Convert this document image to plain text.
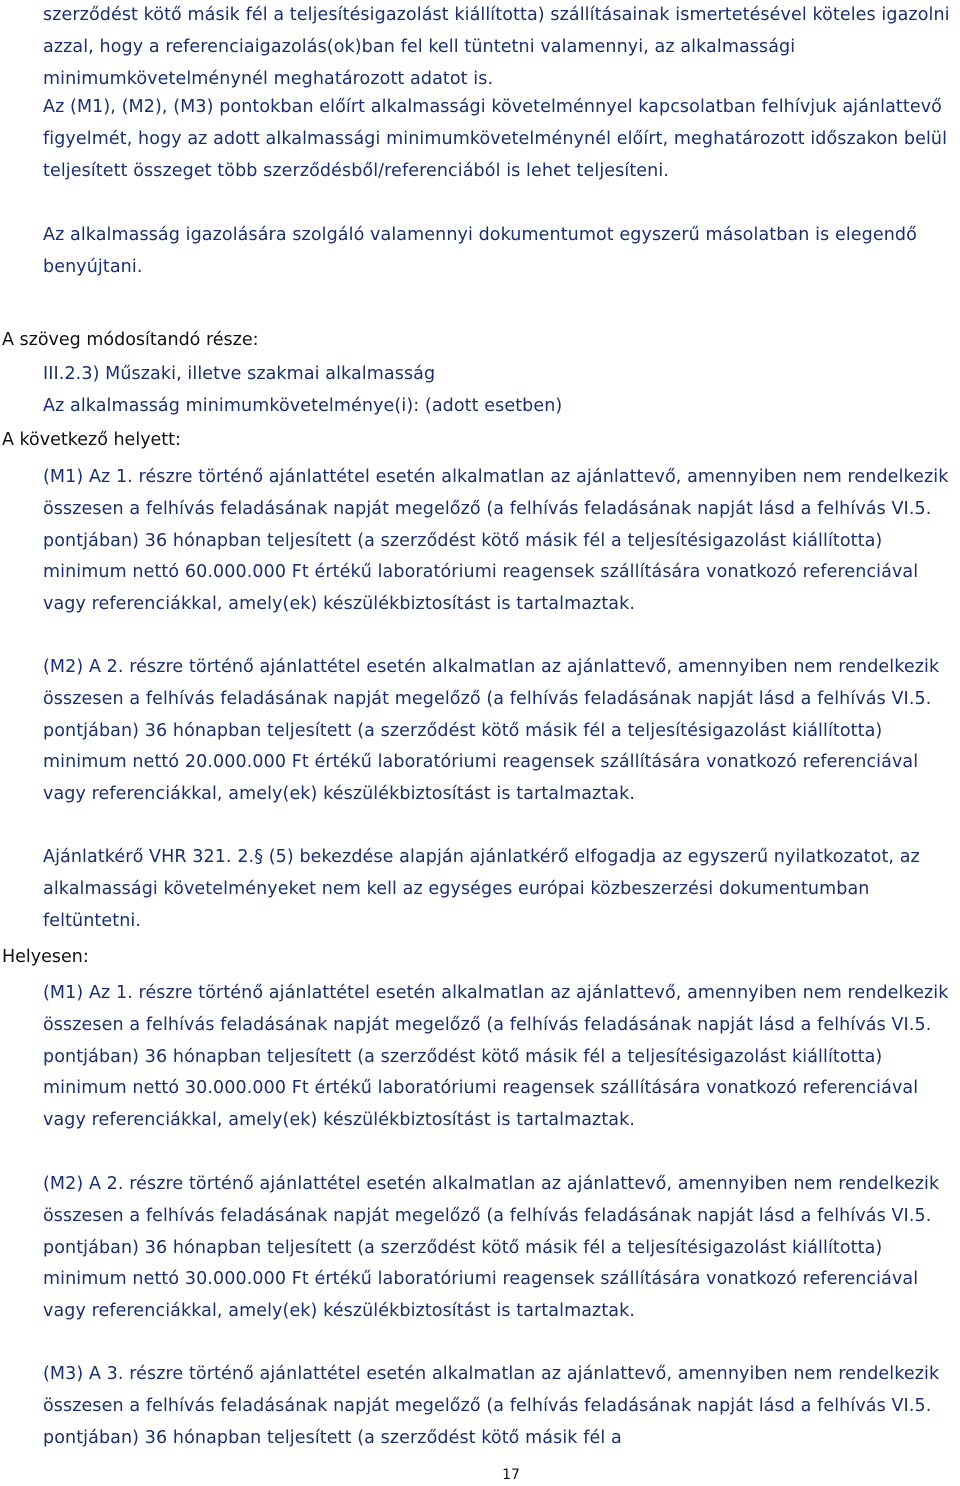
szerződést kötő másik fél a teljesítésigazolást kiállította) szállításainak ismertetésével köteles igazolni azzal, hogy a referenciaigazolás(ok)ban fel kell tüntetni valamennyi, az alkalmassági minimumkövetelménynél meghatározott adatot is.

Az (M1), (M2), (M3) pontokban előírt alkalmassági követelménnyel kapcsolatban felhívjuk ajánlattevő figyelmét, hogy az adott alkalmassági minimumkövetelménynél előírt, meghatározott időszakon belül teljesített összeget több szerződésből/referenciából is lehet teljesíteni.

Az alkalmasság igazolására szolgáló valamennyi dokumentumot egyszerű másolatban is elegendő benyújtani.

A szöveg módosítandó része:

III.2.3) Műszaki, illetve szakmai alkalmasság

Az alkalmasság minimumkövetelménye(i): (adott esetben)

A következő helyett:

(M1) Az 1. részre történő ajánlattétel esetén alkalmatlan az ajánlattevő, amennyiben nem rendelkezik összesen a felhívás feladásának napját megelőző (a felhívás feladásának napját lásd a felhívás VI.5. pontjában) 36 hónapban teljesített (a szerződést kötő másik fél a teljesítésigazolást kiállította) minimum nettó 60.000.000 Ft értékű laboratóriumi reagensek szállítására vonatkozó referenciával vagy referenciákkal, amely(ek) készülékbiztosítást is tartalmaztak.

(M2) A 2. részre történő ajánlattétel esetén alkalmatlan az ajánlattevő, amennyiben nem rendelkezik összesen a felhívás feladásának napját megelőző (a felhívás feladásának napját lásd a felhívás VI.5. pontjában) 36 hónapban teljesített (a szerződést kötő másik fél a teljesítésigazolást kiállította) minimum nettó 20.000.000 Ft értékű laboratóriumi reagensek szállítására vonatkozó referenciával vagy referenciákkal, amely(ek) készülékbiztosítást is tartalmaztak.

Ajánlatkérő VHR 321. 2.§ (5) bekezdése alapján ajánlatkérő elfogadja az egyszerű nyilatkozatot, az alkalmassági követelményeket nem kell az egységes európai közbeszerzési dokumentumban feltüntetni.

Helyesen:

(M1) Az 1. részre történő ajánlattétel esetén alkalmatlan az ajánlattevő, amennyiben nem rendelkezik összesen a felhívás feladásának napját megelőző (a felhívás feladásának napját lásd a felhívás VI.5. pontjában) 36 hónapban teljesített (a szerződést kötő másik fél a teljesítésigazolást kiállította) minimum nettó 30.000.000 Ft értékű laboratóriumi reagensek szállítására vonatkozó referenciával vagy referenciákkal, amely(ek) készülékbiztosítást is tartalmaztak.

(M2) A 2. részre történő ajánlattétel esetén alkalmatlan az ajánlattevő, amennyiben nem rendelkezik összesen a felhívás feladásának napját megelőző (a felhívás feladásának napját lásd a felhívás VI.5. pontjában) 36 hónapban teljesített (a szerződést kötő másik fél a teljesítésigazolást kiállította) minimum nettó 30.000.000 Ft értékű laboratóriumi reagensek szállítására vonatkozó referenciával vagy referenciákkal, amely(ek) készülékbiztosítást is tartalmaztak.

(M3) A 3. részre történő ajánlattétel esetén alkalmatlan az ajánlattevő, amennyiben nem rendelkezik összesen a felhívás feladásának napját megelőző (a felhívás feladásának napját lásd a felhívás VI.5. pontjában) 36 hónapban teljesített (a szerződést kötő másik fél a

17
